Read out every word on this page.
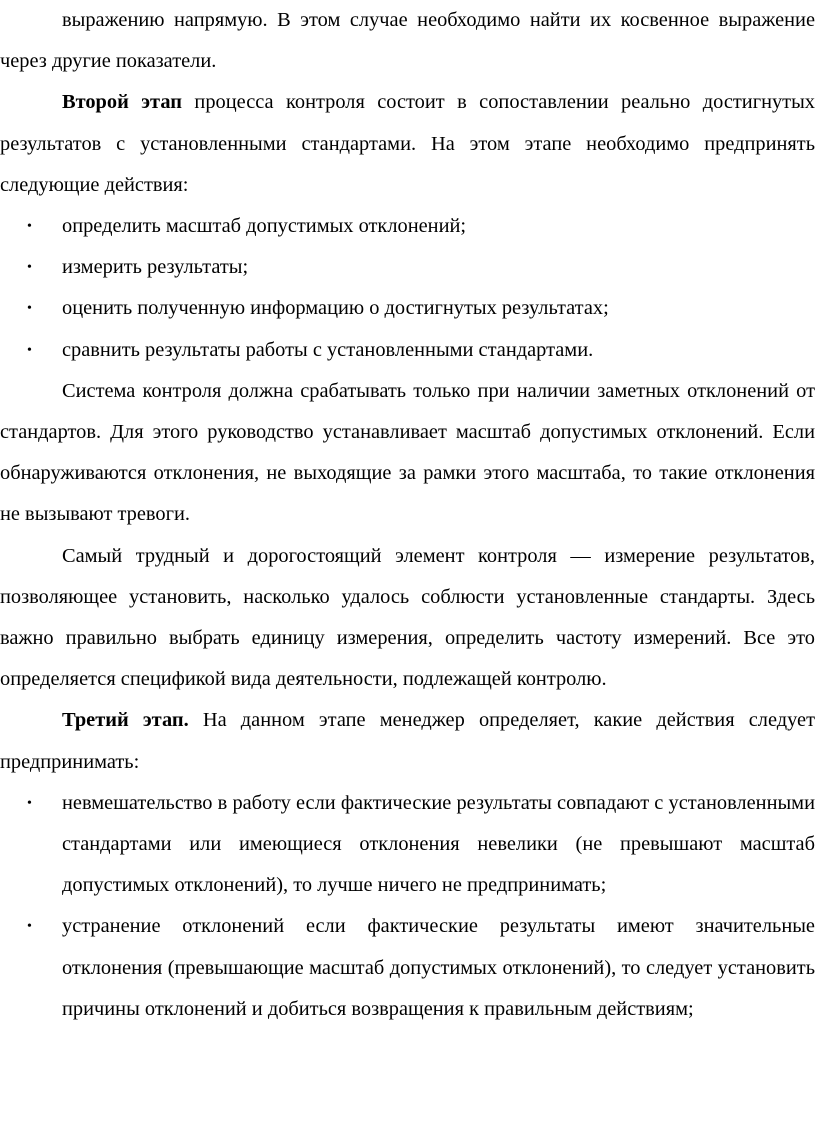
выражению напрямую. В этом случае необходимо найти их косвенное выражение через другие показатели.

Второй этап процесса контроля состоит в сопоставлении реально достигнутых результатов с установленными стандартами. На этом этапе необходимо предпринять следующие действия:

• определить масштаб допустимых отклонений;
• измерить результаты;
• оценить полученную информацию о достигнутых результатах;
• сравнить результаты работы с установленными стандартами.

Система контроля должна срабатывать только при наличии заметных отклонений от стандартов. Для этого руководство устанавливает масштаб допустимых отклонений. Если обнаруживаются отклонения, не выходящие за рамки этого масштаба, то такие отклонения не вызывают тревоги.

Самый трудный и дорогостоящий элемент контроля — измерение результатов, позволяющее установить, насколько удалось соблюсти установленные стандарты. Здесь важно правильно выбрать единицу измерения, определить частоту измерений. Все это определяется спецификой вида деятельности, подлежащей контролю.

Третий этап. На данном этапе менеджер определяет, какие действия следует предпринимать:

• невмешательство в работу если фактические результаты совпадают с установленными стандартами или имеющиеся отклонения невелики (не превышают масштаб допустимых отклонений), то лучше ничего не предпринимать;
• устранение отклонений если фактические результаты имеют значительные отклонения (превышающие масштаб допустимых отклонений), то следует установить причины отклонений и добиться возвращения к правильным действиям;
